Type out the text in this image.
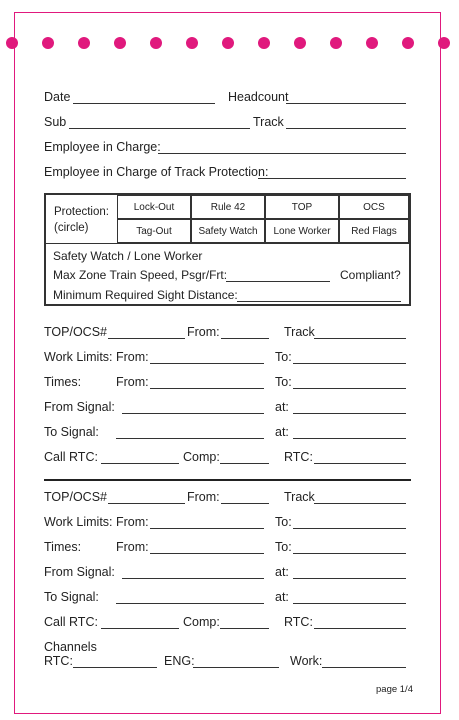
Date	Headcount
Sub	Track
Employee in Charge:
Employee in Charge of Track Protection:
Protection:
(circle)
Lock-Out	Rule 42	TOP	OCS
Tag-Out	Safety Watch	Lone Worker	Red Flags
Safety Watch / Lone Worker
Max Zone Train Speed, Psgr/Frt:	Compliant?
Minimum Required Sight Distance:
TOP/OCS#	From:	Track
Work Limits: From:	To:
Times:	From:	To:
From Signal:	at:
To Signal:	at:
Call RTC:	Comp:	RTC:
TOP/OCS#	From:	Track
Work Limits: From:	To:
Times:	From:	To:
From Signal:	at:
To Signal:	at:
Call RTC:	Comp:	RTC:
Channels
RTC:	ENG:	Work:
page 1/4
